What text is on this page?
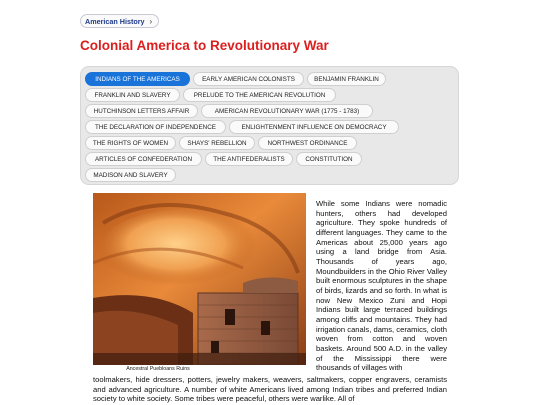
American History ›
Colonial America to Revolutionary War
INDIANS OF THE AMERICAS	EARLY AMERICAN COLONISTS	BENJAMIN FRANKLIN
FRANKLIN AND SLAVERY	PRELUDE TO THE AMERICAN REVOLUTION
HUTCHINSON LETTERS AFFAIR	AMERICAN REVOLUTIONARY WAR (1775 - 1783)
THE DECLARATION OF INDEPENDENCE	ENLIGHTENMENT INFLUENCE ON DEMOCRACY
THE RIGHTS OF WOMEN	SHAYS' REBELLION	NORTHWEST ORDINANCE
ARTICLES OF CONFEDERATION	THE ANTIFEDERALISTS	CONSTITUTION
MADISON AND SLAVERY
Ancestral Puebloans Ruins

While some Indians were nomadic hunters, others had developed agriculture. They spoke hundreds of different languages. They came to the Americas about 25,000 years ago using a land bridge from Asia. Thousands of years ago, Moundbuilders in the Ohio River Valley built enormous sculptures in the shape of birds, lizards and so forth. In what is now New Mexico Zuni and Hopi Indians built large terraced buildings among cliffs and mountains. They had irrigation canals, dams, ceramics, cloth woven from cotton and woven baskets. Around 500 A.D. in the valley of the Mississippi there were thousands of villages with

toolmakers, hide dressers, potters, jewelry makers, weavers, saltmakers, copper engravers, ceramists and advanced agriculture. A number of white Americans lived among Indian tribes and preferred Indian society to white society. Some tribes were peaceful, others were warlike. All of
